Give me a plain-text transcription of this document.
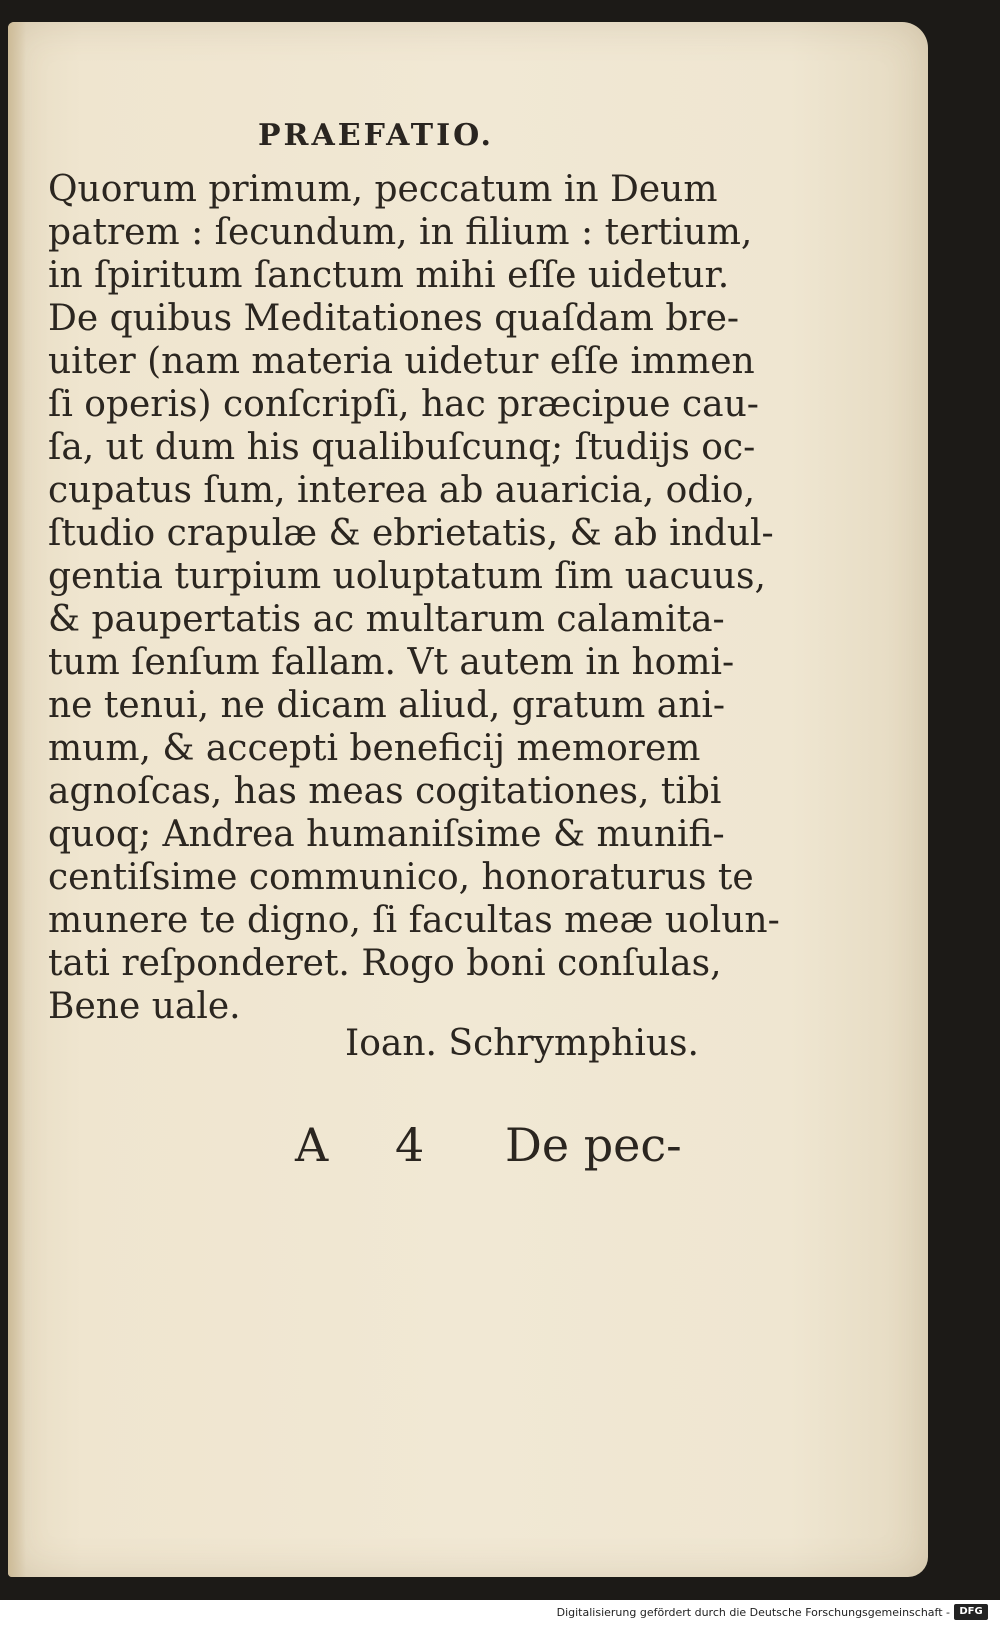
PRAEFATIO.
Quorum primum, peccatum in Deum
patrem : ſecundum, in filium : tertium,
in ſpiritum ſanctum mihi eſſe uidetur.
De quibus Meditationes quaſdam bre-
uiter (nam materia uidetur eſſe immen
ſi operis) conſcripſi, hac præcipue cau-
ſa, ut dum his qualibuſcunq; ſtudijs oc-
cupatus ſum, interea ab auaricia, odio,
ſtudio crapulæ & ebrietatis, & ab indul-
gentia turpium uoluptatum ſim uacuus,
& paupertatis ac multarum calamita-
tum ſenſum fallam. Vt autem in homi-
ne tenui, ne dicam aliud, gratum ani-
mum, & accepti beneficij memorem
agnoſcas, has meas cogitationes, tibi
quoq; Andrea humaniſsime & munifi-
centiſsime communico, honoraturus te
munere te digno, ſi facultas meæ uolun-
tati reſponderet. Rogo boni conſulas,
Bene uale.
Ioan. Schrymphius.
A 4 De pec-
Digitalisierung gefördert durch die Deutsche Forschungsgemeinschaft - DFG
